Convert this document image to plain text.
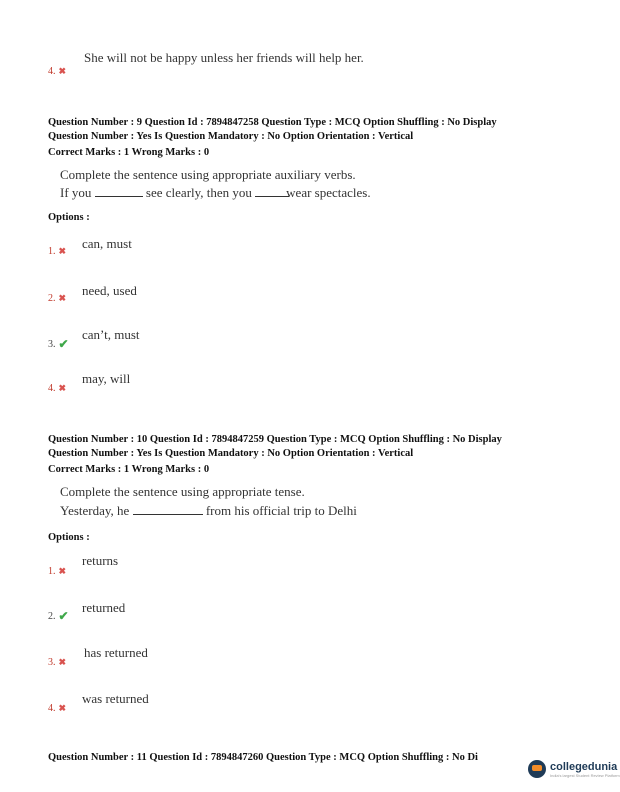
She will not be happy unless her friends will help her.
4. ✖
Question Number : 9 Question Id : 7894847258 Question Type : MCQ Option Shuffling : No Display
Question Number : Yes Is Question Mandatory : No Option Orientation : Vertical
Correct Marks : 1 Wrong Marks : 0
Complete the sentence using appropriate auxiliary verbs.
If you	see clearly, then you	wear spectacles.
Options :
can, must
1. ✖
need, used
2. ✖
can’t, must
3. ✔
may, will
4. ✖
Question Number : 10 Question Id : 7894847259 Question Type : MCQ Option Shuffling : No Display
Question Number : Yes Is Question Mandatory : No Option Orientation : Vertical
Correct Marks : 1 Wrong Marks : 0
Complete the sentence using appropriate tense.
Yesterday, he	from his official trip to Delhi
Options :
returns
1. ✖
returned
2. ✔
has returned
3. ✖
was returned
4. ✖
Question Number : 11 Question Id : 7894847260 Question Type : MCQ Option Shuffling : No Di
collegedunia
India's largest Student Review Platform
